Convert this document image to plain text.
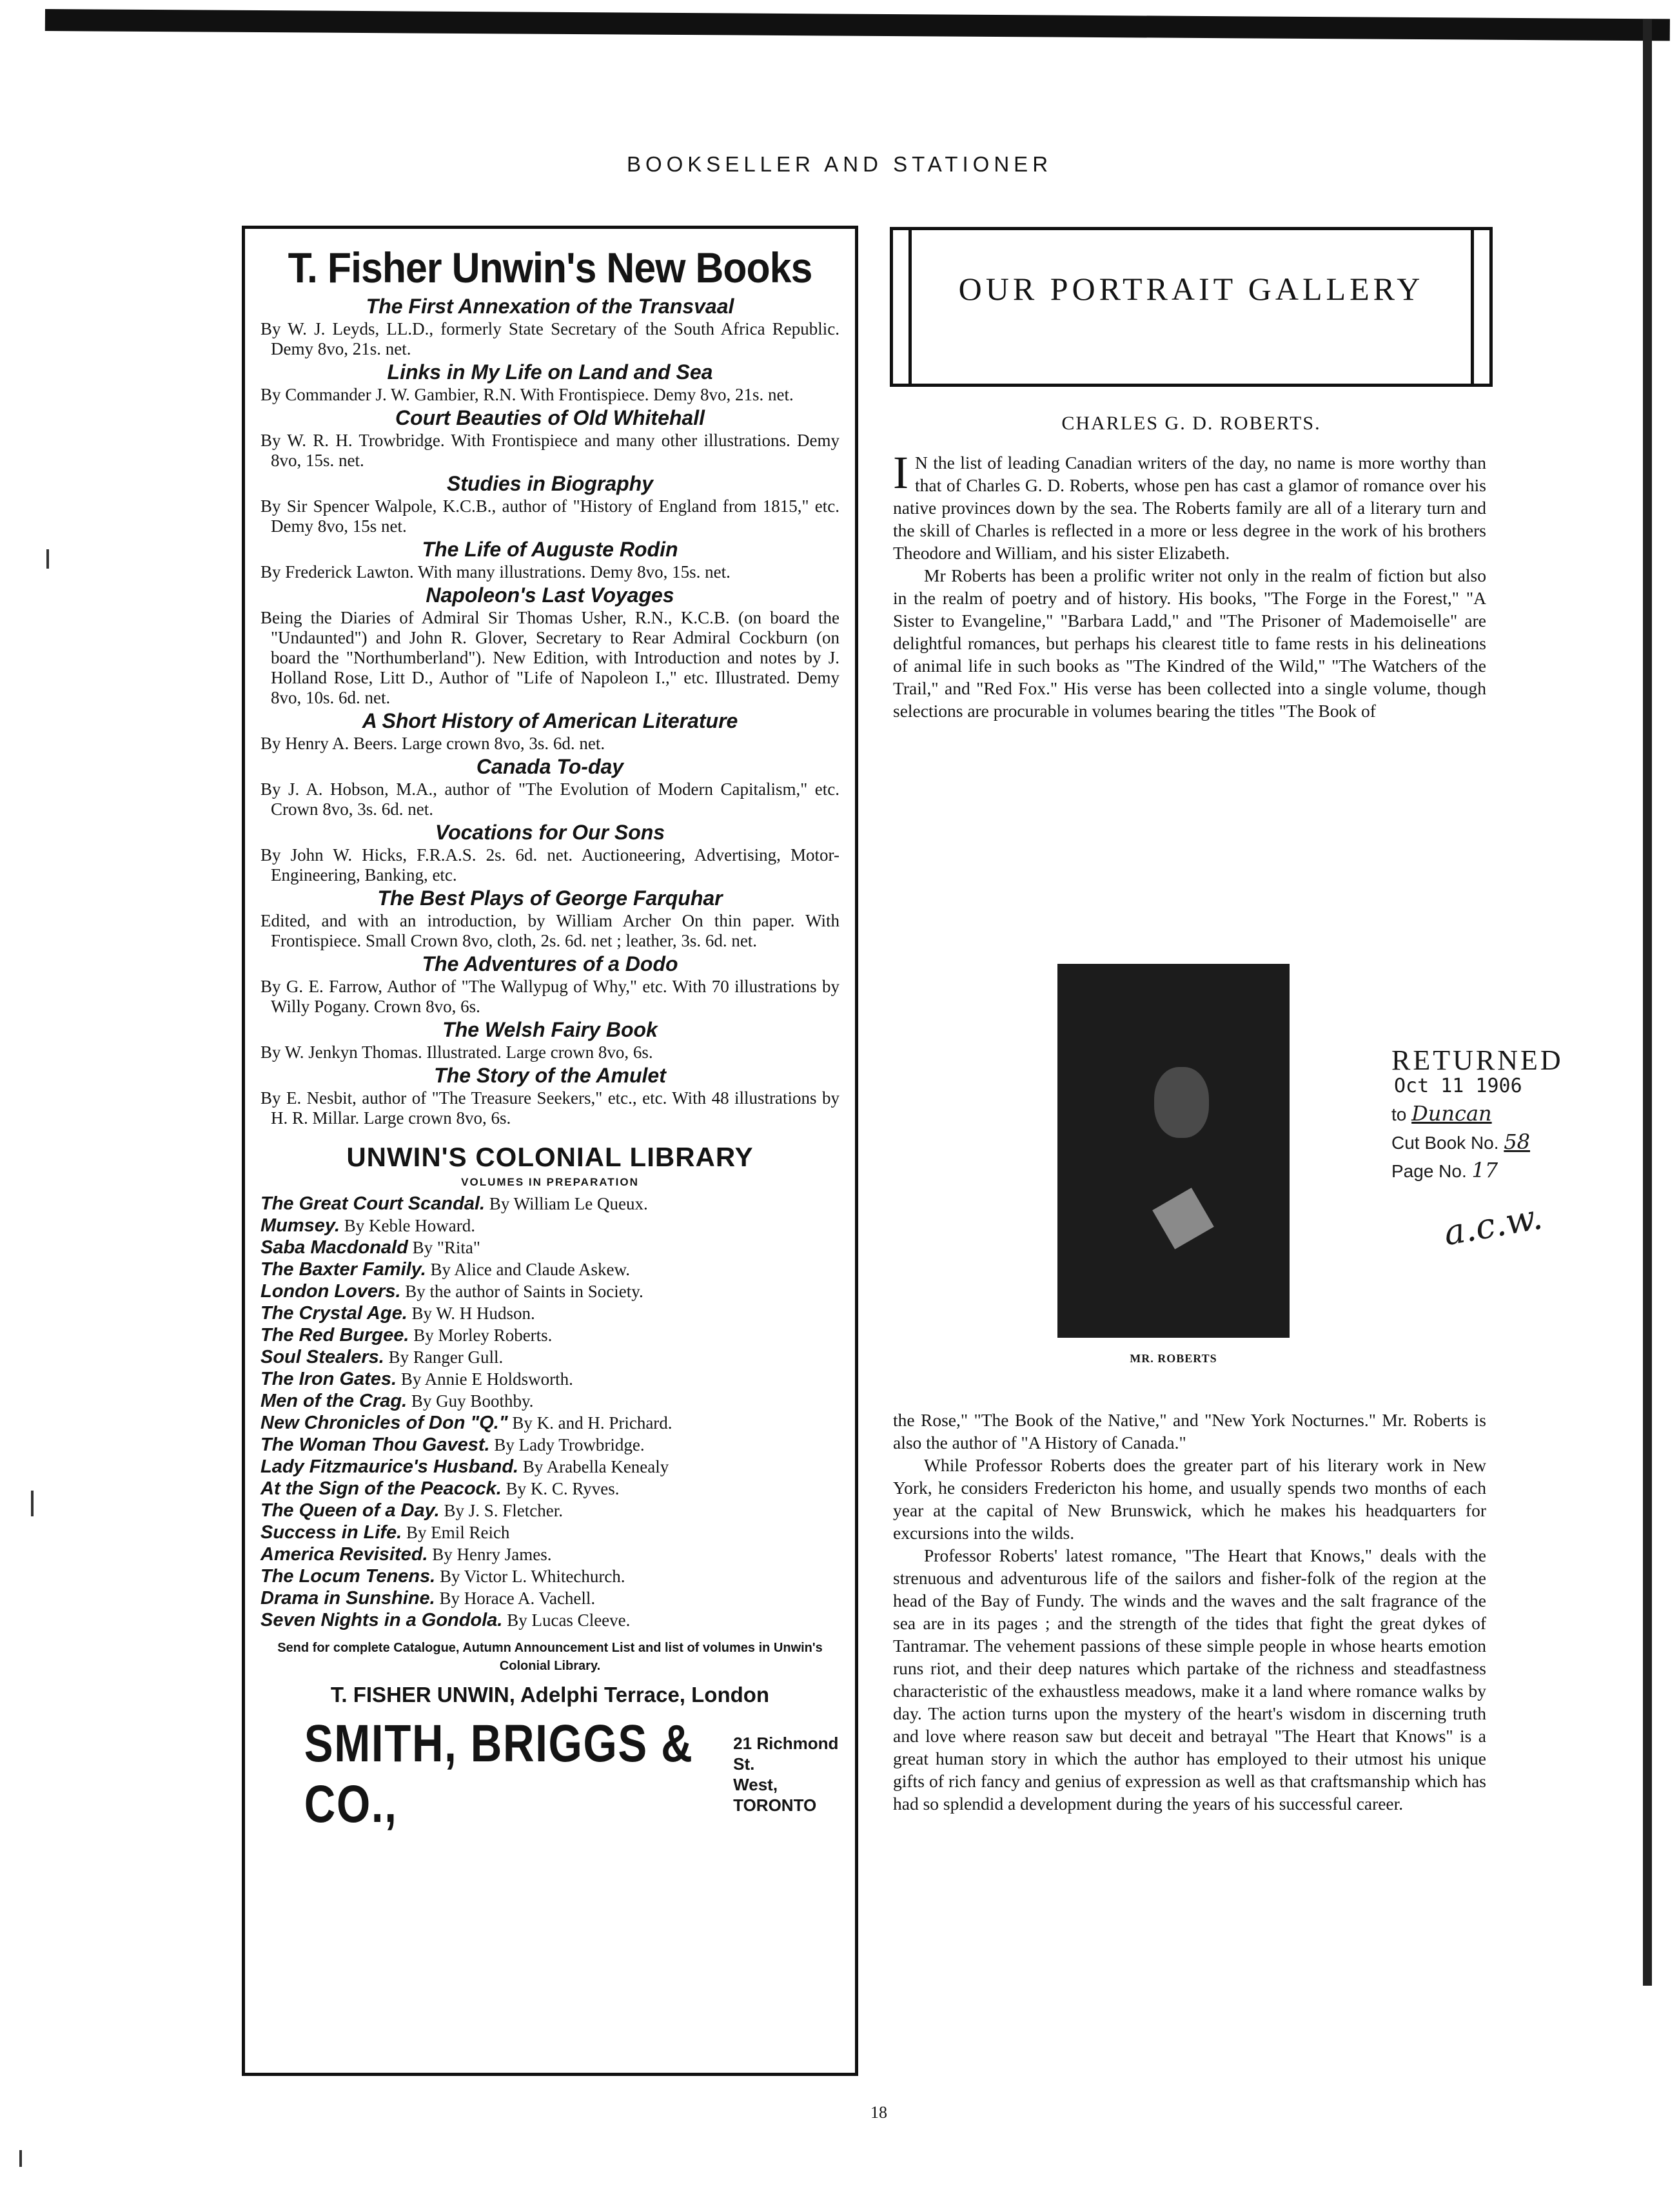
BOOKSELLER AND STATIONER
T. Fisher Unwin's New Books
The First Annexation of the Transvaal
By W. J. Leyds, LL.D., formerly State Secretary of the South Africa Republic. Demy 8vo, 21s. net.
Links in My Life on Land and Sea
By Commander J. W. Gambier, R.N. With Frontispiece. Demy 8vo, 21s. net.
Court Beauties of Old Whitehall
By W. R. H. Trowbridge. With Frontispiece and many other illustrations. Demy 8vo, 15s. net.
Studies in Biography
By Sir Spencer Walpole, K.C.B., author of "History of England from 1815," etc. Demy 8vo, 15s net.
The Life of Auguste Rodin
By Frederick Lawton. With many illustrations. Demy 8vo, 15s. net.
Napoleon's Last Voyages
Being the Diaries of Admiral Sir Thomas Usher, R.N., K.C.B. (on board the "Undaunted") and John R. Glover, Secretary to Rear Admiral Cockburn (on board the "Northumberland"). New Edition, with Introduction and notes by J. Holland Rose, Litt D., Author of "Life of Napoleon I.," etc. Illustrated. Demy 8vo, 10s. 6d. net.
A Short History of American Literature
By Henry A. Beers. Large crown 8vo, 3s. 6d. net.
Canada To-day
By J. A. Hobson, M.A., author of "The Evolution of Modern Capitalism," etc. Crown 8vo, 3s. 6d. net.
Vocations for Our Sons
By John W. Hicks, F.R.A.S. 2s. 6d. net. Auctioneering, Advertising, Motor-Engineering, Banking, etc.
The Best Plays of George Farquhar
Edited, and with an introduction, by William Archer On thin paper. With Frontispiece. Small Crown 8vo, cloth, 2s. 6d. net ; leather, 3s. 6d. net.
The Adventures of a Dodo
By G. E. Farrow, Author of "The Wallypug of Why," etc. With 70 illustrations by Willy Pogany. Crown 8vo, 6s.
The Welsh Fairy Book
By W. Jenkyn Thomas. Illustrated. Large crown 8vo, 6s.
The Story of the Amulet
By E. Nesbit, author of "The Treasure Seekers," etc., etc. With 48 illustrations by H. R. Millar. Large crown 8vo, 6s.
UNWIN'S COLONIAL LIBRARY
VOLUMES IN PREPARATION
The Great Court Scandal. By William Le Queux.
Mumsey. By Keble Howard.
Saba Macdonald By "Rita"
The Baxter Family. By Alice and Claude Askew.
London Lovers. By the author of Saints in Society.
The Crystal Age. By W. H Hudson.
The Red Burgee. By Morley Roberts.
Soul Stealers. By Ranger Gull.
The Iron Gates. By Annie E Holdsworth.
Men of the Crag. By Guy Boothby.
New Chronicles of Don "Q." By K. and H. Prichard.
The Woman Thou Gavest. By Lady Trowbridge.
Lady Fitzmaurice's Husband. By Arabella Kenealy
At the Sign of the Peacock. By K. C. Ryves.
The Queen of a Day. By J. S. Fletcher.
Success in Life. By Emil Reich
America Revisited. By Henry James.
The Locum Tenens. By Victor L. Whitechurch.
Drama in Sunshine. By Horace A. Vachell.
Seven Nights in a Gondola. By Lucas Cleeve.
Send for complete Catalogue, Autumn Announcement List and list of volumes in Unwin's Colonial Library.
T. FISHER UNWIN, Adelphi Terrace, London
SMITH, BRIGGS & CO.,
21 Richmond St.
West, TORONTO
OUR PORTRAIT GALLERY
CHARLES G. D. ROBERTS.

I N the list of leading Canadian writers of the day, no name is more worthy than that of Charles G. D. Roberts, whose pen has cast a glamor of romance over his native provinces down by the sea. The Roberts family are all of a literary turn and the skill of Charles is reflected in a more or less degree in the work of his brothers Theodore and William, and his sister Elizabeth.

Mr Roberts has been a prolific writer not only in the realm of fiction but also in the realm of poetry and of history. His books, "The Forge in the Forest," "A Sister to Evangeline," "Barbara Ladd," and "The Prisoner of Mademoiselle" are delightful romances, but perhaps his clearest title to fame rests in his delineations of animal life in such books as "The Kindred of the Wild," "The Watchers of the Trail," and "Red Fox." His verse has been collected into a single volume, though selections are procurable in volumes bearing the titles "The Book of

MR. ROBERTS
RETURNED
Oct 11 1906
to Duncan
Cut Book No. 58
Page No. 17
a.c.w.

the Rose," "The Book of the Native," and "New York Nocturnes." Mr. Roberts is also the author of "A History of Canada."

While Professor Roberts does the greater part of his literary work in New York, he considers Fredericton his home, and usually spends two months of each year at the capital of New Brunswick, which he makes his headquarters for excursions into the wilds.

Professor Roberts' latest romance, "The Heart that Knows," deals with the strenuous and adventurous life of the sailors and fisher-folk of the region at the head of the Bay of Fundy. The winds and the waves and the salt fragrance of the sea are in its pages ; and the strength of the tides that fight the great dykes of Tantramar. The vehement passions of these simple people in whose hearts emotion runs riot, and their deep natures which partake of the richness and steadfastness characteristic of the exhaustless meadows, make it a land where romance walks by day. The action turns upon the mystery of the heart's wisdom in discerning truth and love where reason saw but deceit and betrayal "The Heart that Knows" is a great human story in which the author has employed to their utmost his unique gifts of rich fancy and genius of expression as well as that craftsmanship which has had so splendid a development during the years of his successful career.

18
